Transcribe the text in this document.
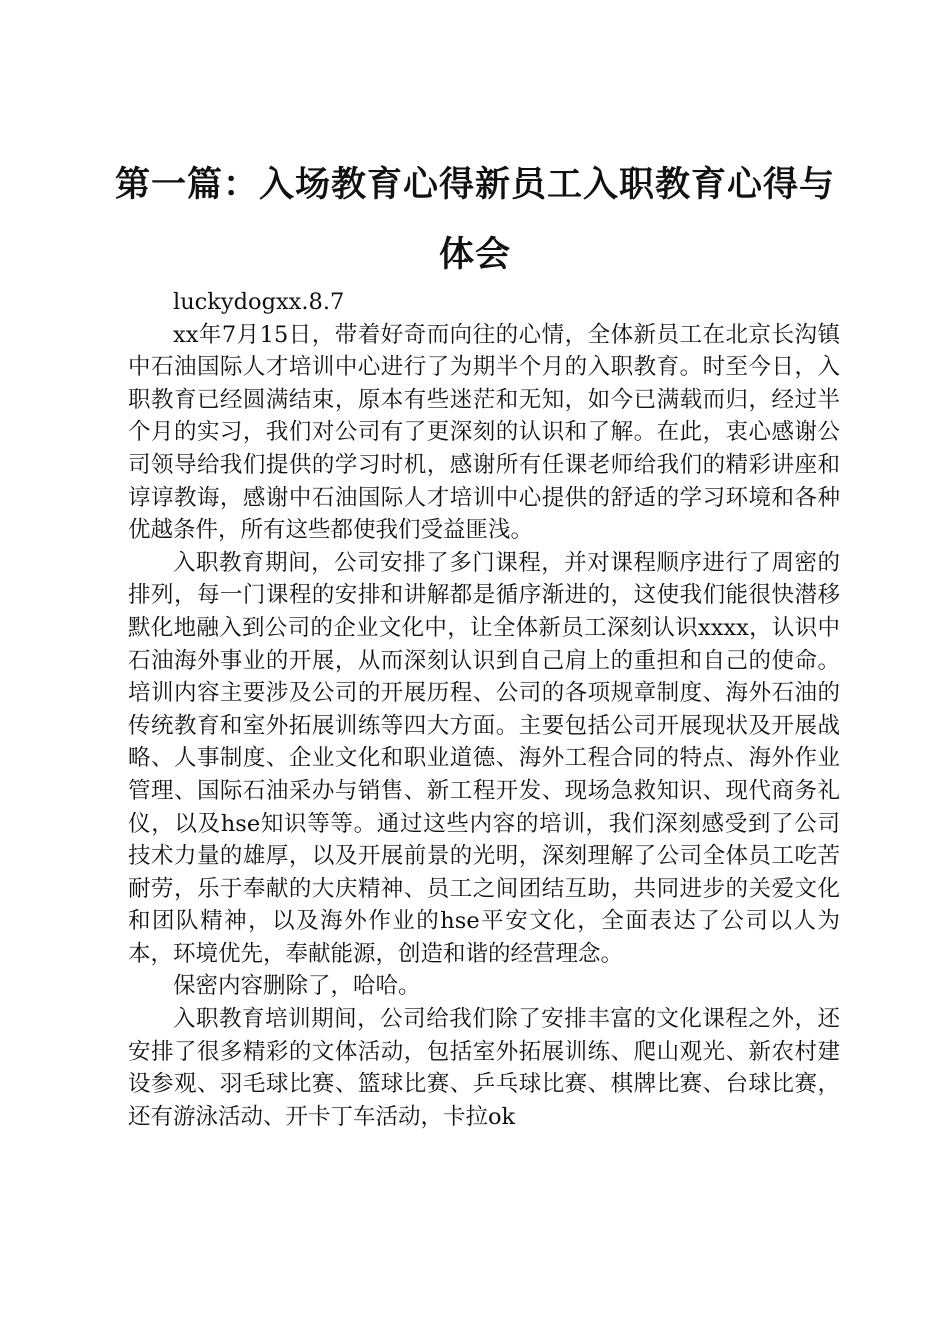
第一篇：入场教育心得新员工入职教育心得与体会

luckydogxx.8.7

xx年7月15日，带着好奇而向往的心情，全体新员工在北京长沟镇中石油国际人才培训中心进行了为期半个月的入职教育。时至今日，入职教育已经圆满结束，原本有些迷茫和无知，如今已满载而归，经过半个月的实习，我们对公司有了更深刻的认识和了解。在此，衷心感谢公司领导给我们提供的学习时机，感谢所有任课老师给我们的精彩讲座和谆谆教诲，感谢中石油国际人才培训中心提供的舒适的学习环境和各种优越条件，所有这些都使我们受益匪浅。

入职教育期间，公司安排了多门课程，并对课程顺序进行了周密的排列，每一门课程的安排和讲解都是循序渐进的，这使我们能很快潜移默化地融入到公司的企业文化中，让全体新员工深刻认识xxxx，认识中石油海外事业的开展，从而深刻认识到自己肩上的重担和自己的使命。培训内容主要涉及公司的开展历程、公司的各项规章制度、海外石油的传统教育和室外拓展训练等四大方面。主要包括公司开展现状及开展战略、人事制度、企业文化和职业道德、海外工程合同的特点、海外作业管理、国际石油采办与销售、新工程开发、现场急救知识、现代商务礼仪，以及hse知识等等。通过这些内容的培训，我们深刻感受到了公司技术力量的雄厚，以及开展前景的光明，深刻理解了公司全体员工吃苦耐劳，乐于奉献的大庆精神、员工之间团结互助，共同进步的关爱文化和团队精神，以及海外作业的hse平安文化，全面表达了公司以人为本，环境优先，奉献能源，创造和谐的经营理念。

保密内容删除了，哈哈。

入职教育培训期间，公司给我们除了安排丰富的文化课程之外，还安排了很多精彩的文体活动，包括室外拓展训练、爬山观光、新农村建设参观、羽毛球比赛、篮球比赛、乒乓球比赛、棋牌比赛、台球比赛，还有游泳活动、开卡丁车活动，卡拉ok
